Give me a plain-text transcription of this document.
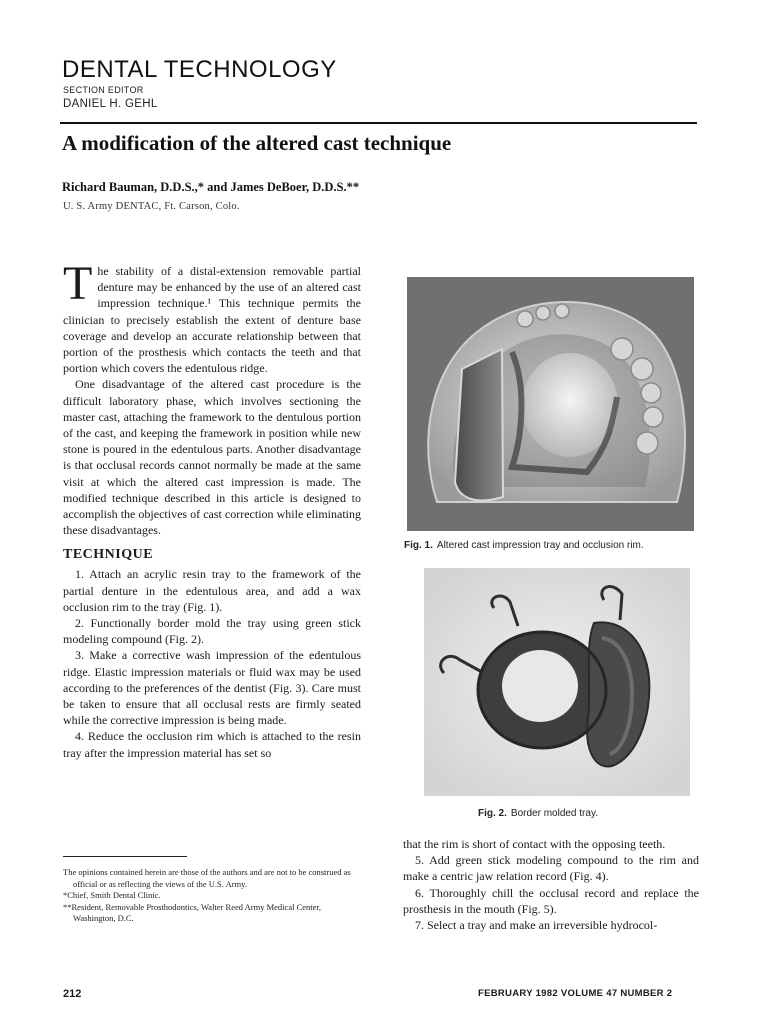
DENTAL TECHNOLOGY
SECTION EDITOR
DANIEL H. GEHL
A modification of the altered cast technique
Richard Bauman, D.D.S.,* and James DeBoer, D.D.S.**
U. S. Army DENTAC, Ft. Carson, Colo.

The stability of a distal-extension removable partial denture may be enhanced by the use of an altered cast impression technique.¹ This technique permits the clinician to precisely establish the extent of denture base coverage and develop an accurate relationship between that portion of the prosthesis which contacts the teeth and that portion which covers the edentulous ridge.

One disadvantage of the altered cast procedure is the difficult laboratory phase, which involves sectioning the master cast, attaching the framework to the dentulous portion of the cast, and keeping the framework in position while new stone is poured in the edentulous parts. Another disadvantage is that occlusal records cannot normally be made at the same visit at which the altered cast impression is made. The modified technique described in this article is designed to accomplish the objectives of cast correction while eliminating these disadvantages.

TECHNIQUE

1. Attach an acrylic resin tray to the framework of the partial denture in the edentulous area, and add a wax occlusion rim to the tray (Fig. 1).

2. Functionally border mold the tray using green stick modeling compound (Fig. 2).

3. Make a corrective wash impression of the edentulous ridge. Elastic impression materials or fluid wax may be used according to the preferences of the dentist (Fig. 3). Care must be taken to ensure that all occlusal rests are firmly seated while the corrective impression is being made.

4. Reduce the occlusion rim which is attached to the resin tray after the impression material has set so

The opinions contained herein are those of the authors and are not to be construed as official or as reflecting the views of the U.S. Army.

*Chief, Smith Dental Clinic.

**Resident, Removable Prosthodontics, Walter Reed Army Medical Center, Washington, D.C.

Fig. 1. Altered cast impression tray and occlusion rim.
Fig. 2. Border molded tray.

that the rim is short of contact with the opposing teeth.

5. Add green stick modeling compound to the rim and make a centric jaw relation record (Fig. 4).

6. Thoroughly chill the occlusal record and replace the prosthesis in the mouth (Fig. 5).

7. Select a tray and make an irreversible hydrocol-

212	FEBRUARY 1982 VOLUME 47 NUMBER 2
